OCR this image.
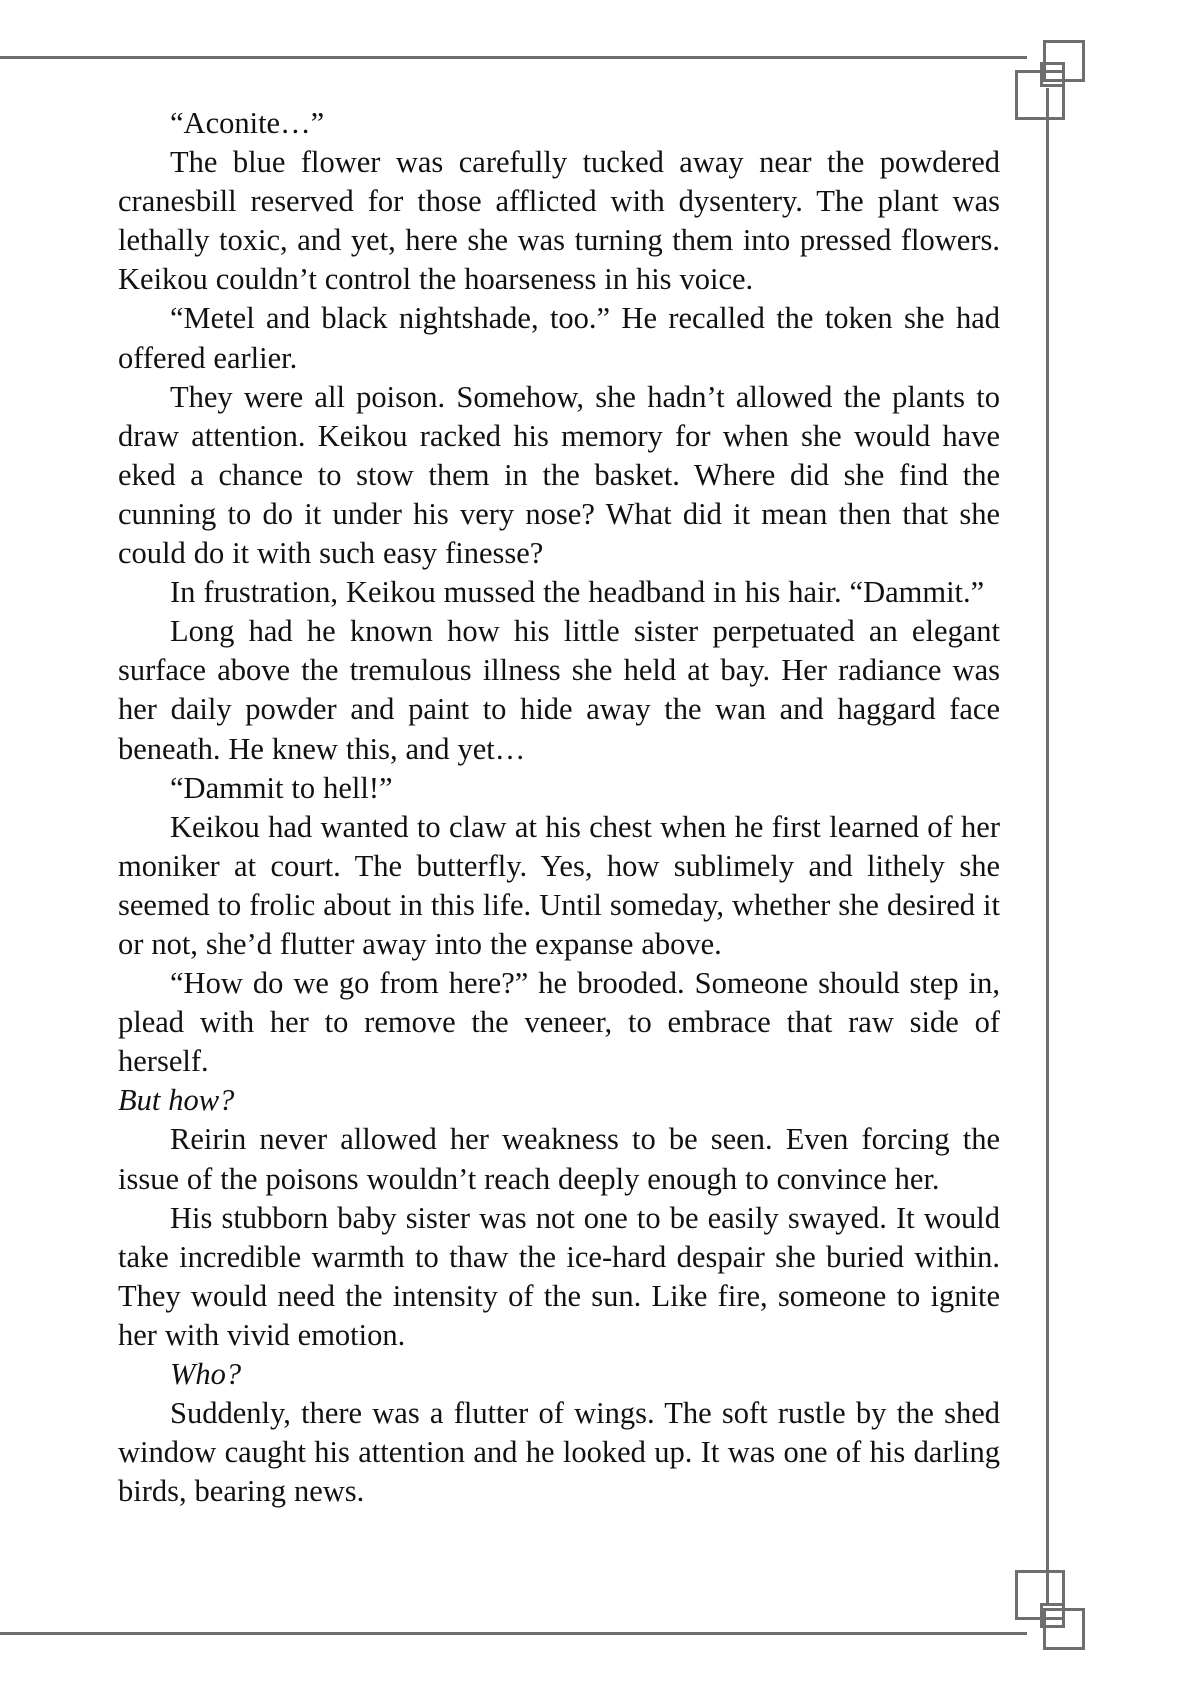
“Aconite…”

The blue flower was carefully tucked away near the powdered cranesbill reserved for those afflicted with dysentery. The plant was lethally toxic, and yet, here she was turning them into pressed flowers. Keikou couldn’t control the hoarseness in his voice.

“Metel and black nightshade, too.” He recalled the token she had offered earlier.

They were all poison. Somehow, she hadn’t allowed the plants to draw attention. Keikou racked his memory for when she would have eked a chance to stow them in the basket. Where did she find the cunning to do it under his very nose? What did it mean then that she could do it with such easy finesse?

In frustration, Keikou mussed the headband in his hair. “Dammit.”

Long had he known how his little sister perpetuated an elegant surface above the tremulous illness she held at bay. Her radiance was her daily powder and paint to hide away the wan and haggard face beneath. He knew this, and yet…

“Dammit to hell!”

Keikou had wanted to claw at his chest when he first learned of her moniker at court. The butterfly. Yes, how sublimely and lithely she seemed to frolic about in this life. Until someday, whether she desired it or not, she’d flutter away into the expanse above.

“How do we go from here?” he brooded. Someone should step in, plead with her to remove the veneer, to embrace that raw side of herself.

But how?

Reirin never allowed her weakness to be seen. Even forcing the issue of the poisons wouldn’t reach deeply enough to convince her.

His stubborn baby sister was not one to be easily swayed. It would take incredible warmth to thaw the ice-hard despair she buried within. They would need the intensity of the sun. Like fire, someone to ignite her with vivid emotion.

Who?

Suddenly, there was a flutter of wings. The soft rustle by the shed window caught his attention and he looked up. It was one of his darling birds, bearing news.
